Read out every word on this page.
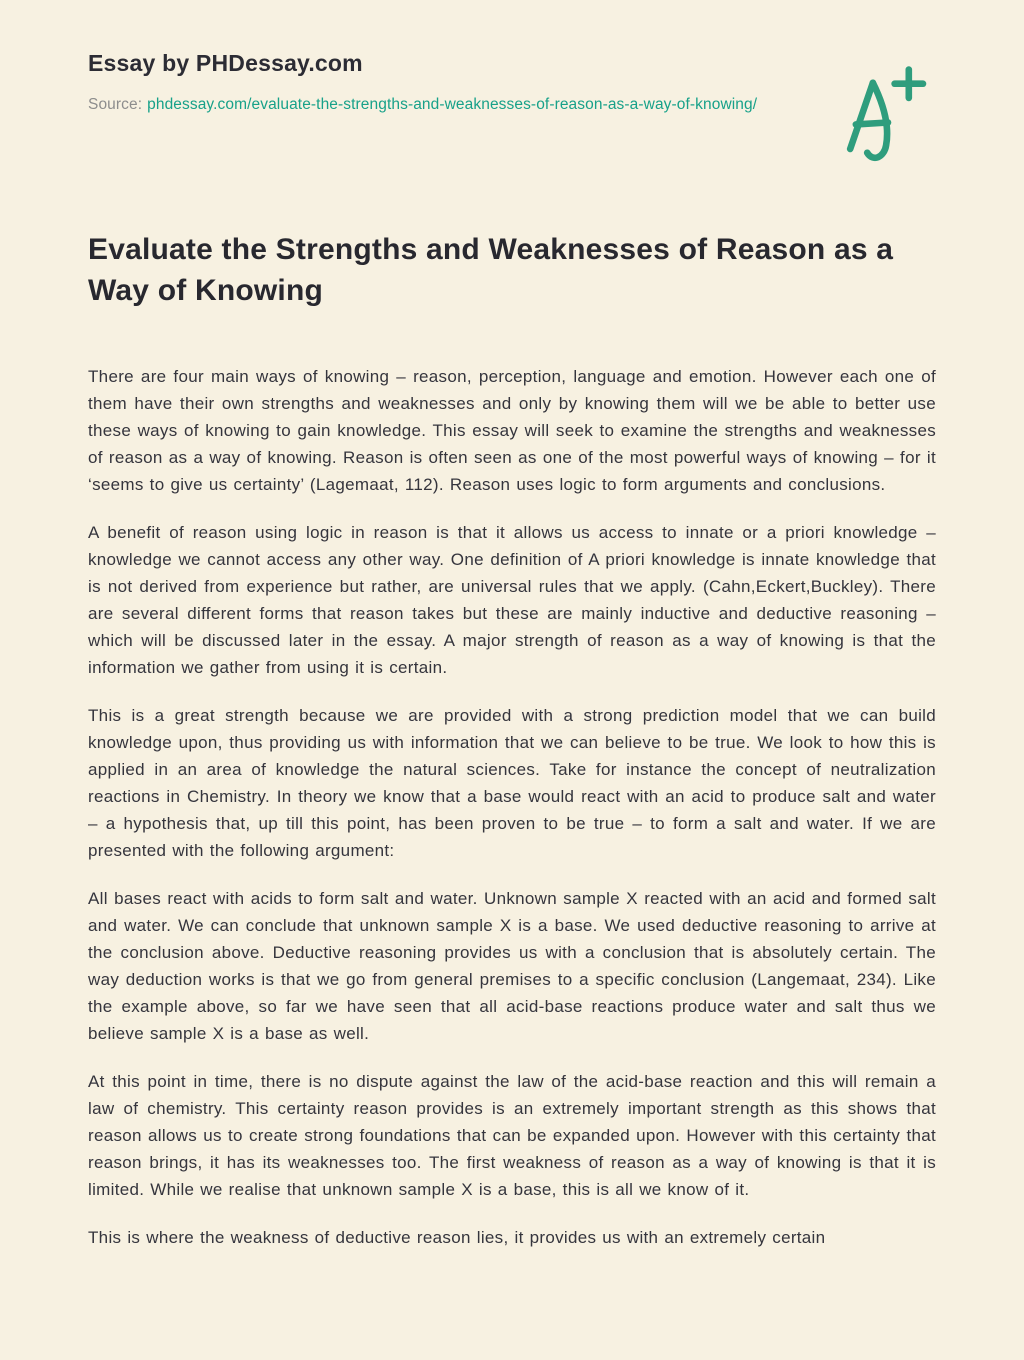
Essay by PHDessay.com

Source: phdessay.com/evaluate-the-strengths-and-weaknesses-of-reason-as-a-way-of-knowing/

Evaluate the Strengths and Weaknesses of Reason as a Way of Knowing

There are four main ways of knowing – reason, perception, language and emotion. However each one of them have their own strengths and weaknesses and only by knowing them will we be able to better use these ways of knowing to gain knowledge. This essay will seek to examine the strengths and weaknesses of reason as a way of knowing. Reason is often seen as one of the most powerful ways of knowing – for it ‘seems to give us certainty’ (Lagemaat, 112). Reason uses logic to form arguments and conclusions.

A benefit of reason using logic in reason is that it allows us access to innate or a priori knowledge – knowledge we cannot access any other way. One definition of A priori knowledge is innate knowledge that is not derived from experience but rather, are universal rules that we apply. (Cahn,Eckert,Buckley). There are several different forms that reason takes but these are mainly inductive and deductive reasoning – which will be discussed later in the essay. A major strength of reason as a way of knowing is that the information we gather from using it is certain.

This is a great strength because we are provided with a strong prediction model that we can build knowledge upon, thus providing us with information that we can believe to be true. We look to how this is applied in an area of knowledge the natural sciences. Take for instance the concept of neutralization reactions in Chemistry. In theory we know that a base would react with an acid to produce salt and water – a hypothesis that, up till this point, has been proven to be true – to form a salt and water. If we are presented with the following argument:

All bases react with acids to form salt and water. Unknown sample X reacted with an acid and formed salt and water. We can conclude that unknown sample X is a base. We used deductive reasoning to arrive at the conclusion above. Deductive reasoning provides us with a conclusion that is absolutely certain. The way deduction works is that we go from general premises to a specific conclusion (Langemaat, 234). Like the example above, so far we have seen that all acid-base reactions produce water and salt thus we believe sample X is a base as well.

At this point in time, there is no dispute against the law of the acid-base reaction and this will remain a law of chemistry. This certainty reason provides is an extremely important strength as this shows that reason allows us to create strong foundations that can be expanded upon. However with this certainty that reason brings, it has its weaknesses too. The first weakness of reason as a way of knowing is that it is limited. While we realise that unknown sample X is a base, this is all we know of it.

This is where the weakness of deductive reason lies, it provides us with an extremely certain
